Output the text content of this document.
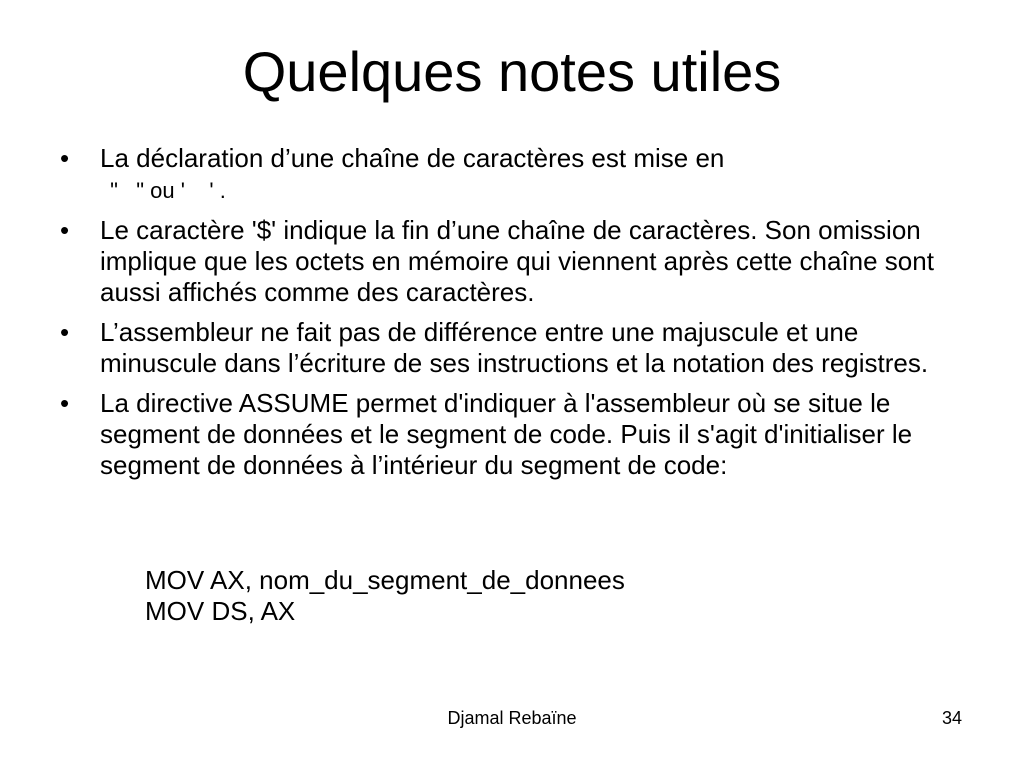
Quelques notes utiles
•	La déclaration d’une chaîne de caractères est mise en
"   " ou '    ' .
•	Le caractère '$' indique la fin d’une chaîne de caractères. Son omission implique que les octets en mémoire qui viennent après cette chaîne sont aussi affichés comme des caractères.
•	L’assembleur ne fait pas de différence entre une majuscule et une minuscule dans l’écriture de ses instructions et la notation des registres.
•	La directive ASSUME permet d'indiquer à l'assembleur où se situe le segment de données et le segment de code. Puis il s'agit d'initialiser le segment de données à l’intérieur du segment de code:
MOV AX, nom_du_segment_de_donnees
MOV DS, AX
Djamal Rebaïne	34
